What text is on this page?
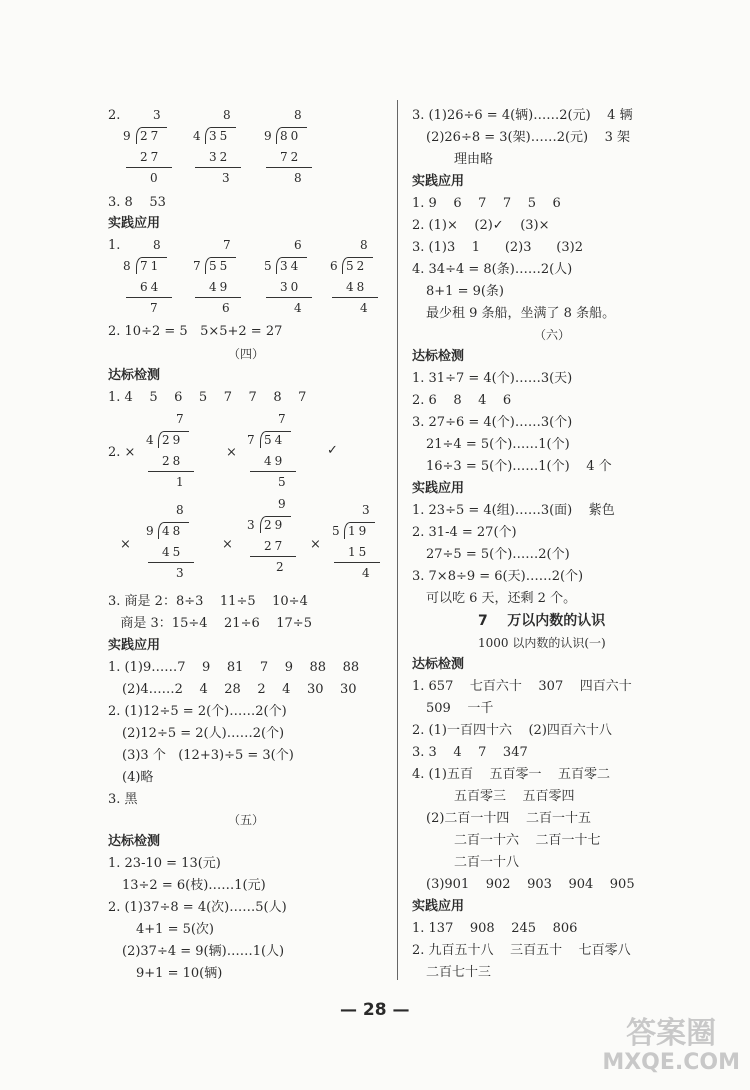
2.	3
9 27
27
0
8
4 35
32
3
8
9 80
72
8
3. 8    53
实践应用
1.	8
8 71
64
7
7
7 55
49
6
6
5 34
30
4
8
6 52
48
4
2. 10÷2 = 5   5×5+2 = 27
（四）
达标检测
1. 4    5    6    5    7    7    8    7
2. ×
7
4 29
28
1
×
7
7 54
49
5
✓
×
8
9 48
45
3
×
9
3 29
27
2
×
3
5 19
15
4
3. 商是 2：8÷3    11÷5    10÷4
商是 3：15÷4    21÷6    17÷5
实践应用
1. (1)9……7    9    81    7    9    88    88
(2)4……2    4    28    2    4    30    30
2. (1)12÷5 = 2(个)……2(个)
(2)12÷5 = 2(人)……2(个)
(3)3 个   (12+3)÷5 = 3(个)
(4)略
3. 黑
（五）
达标检测
1. 23-10 = 13(元)
13÷2 = 6(枝)……1(元)
2. (1)37÷8 = 4(次)……5(人)
4+1 = 5(次)
(2)37÷4 = 9(辆)……1(人)
9+1 = 10(辆)
3. (1)26÷6 = 4(辆)……2(元)    4 辆
(2)26÷8 = 3(架)……2(元)    3 架
理由略
实践应用
1. 9    6    7    7    5    6
2. (1)×    (2)✓    (3)×
3. (1)3    1      (2)3      (3)2
4. 34÷4 = 8(条)……2(人)
8+1 = 9(条)
最少租 9 条船，坐满了 8 条船。
（六）
达标检测
1. 31÷7 = 4(个)……3(天)
2. 6    8    4    6
3. 27÷6 = 4(个)……3(个)
21÷4 = 5(个)……1(个)
16÷3 = 5(个)……1(个)    4 个
实践应用
1. 23÷5 = 4(组)……3(面)    紫色
2. 31-4 = 27(个)
27÷5 = 5(个)……2(个)
3. 7×8÷9 = 6(天)……2(个)
可以吃 6 天，还剩 2 个。
7    万以内数的认识
1000 以内数的认识(一)
达标检测
1. 657    七百六十    307    四百六十
509    一千
2. (1)一百四十六    (2)四百六十八
3. 3    4    7    347
4. (1)五百    五百零一    五百零二
五百零三    五百零四
(2)二百一十四    二百一十五
二百一十六    二百一十七
二百一十八
(3)901    902    903    904    905
实践应用
1. 137    908    245    806
2. 九百五十八    三百五十    七百零八
二百七十三
— 28 —
答案圈
MXQE.COM
